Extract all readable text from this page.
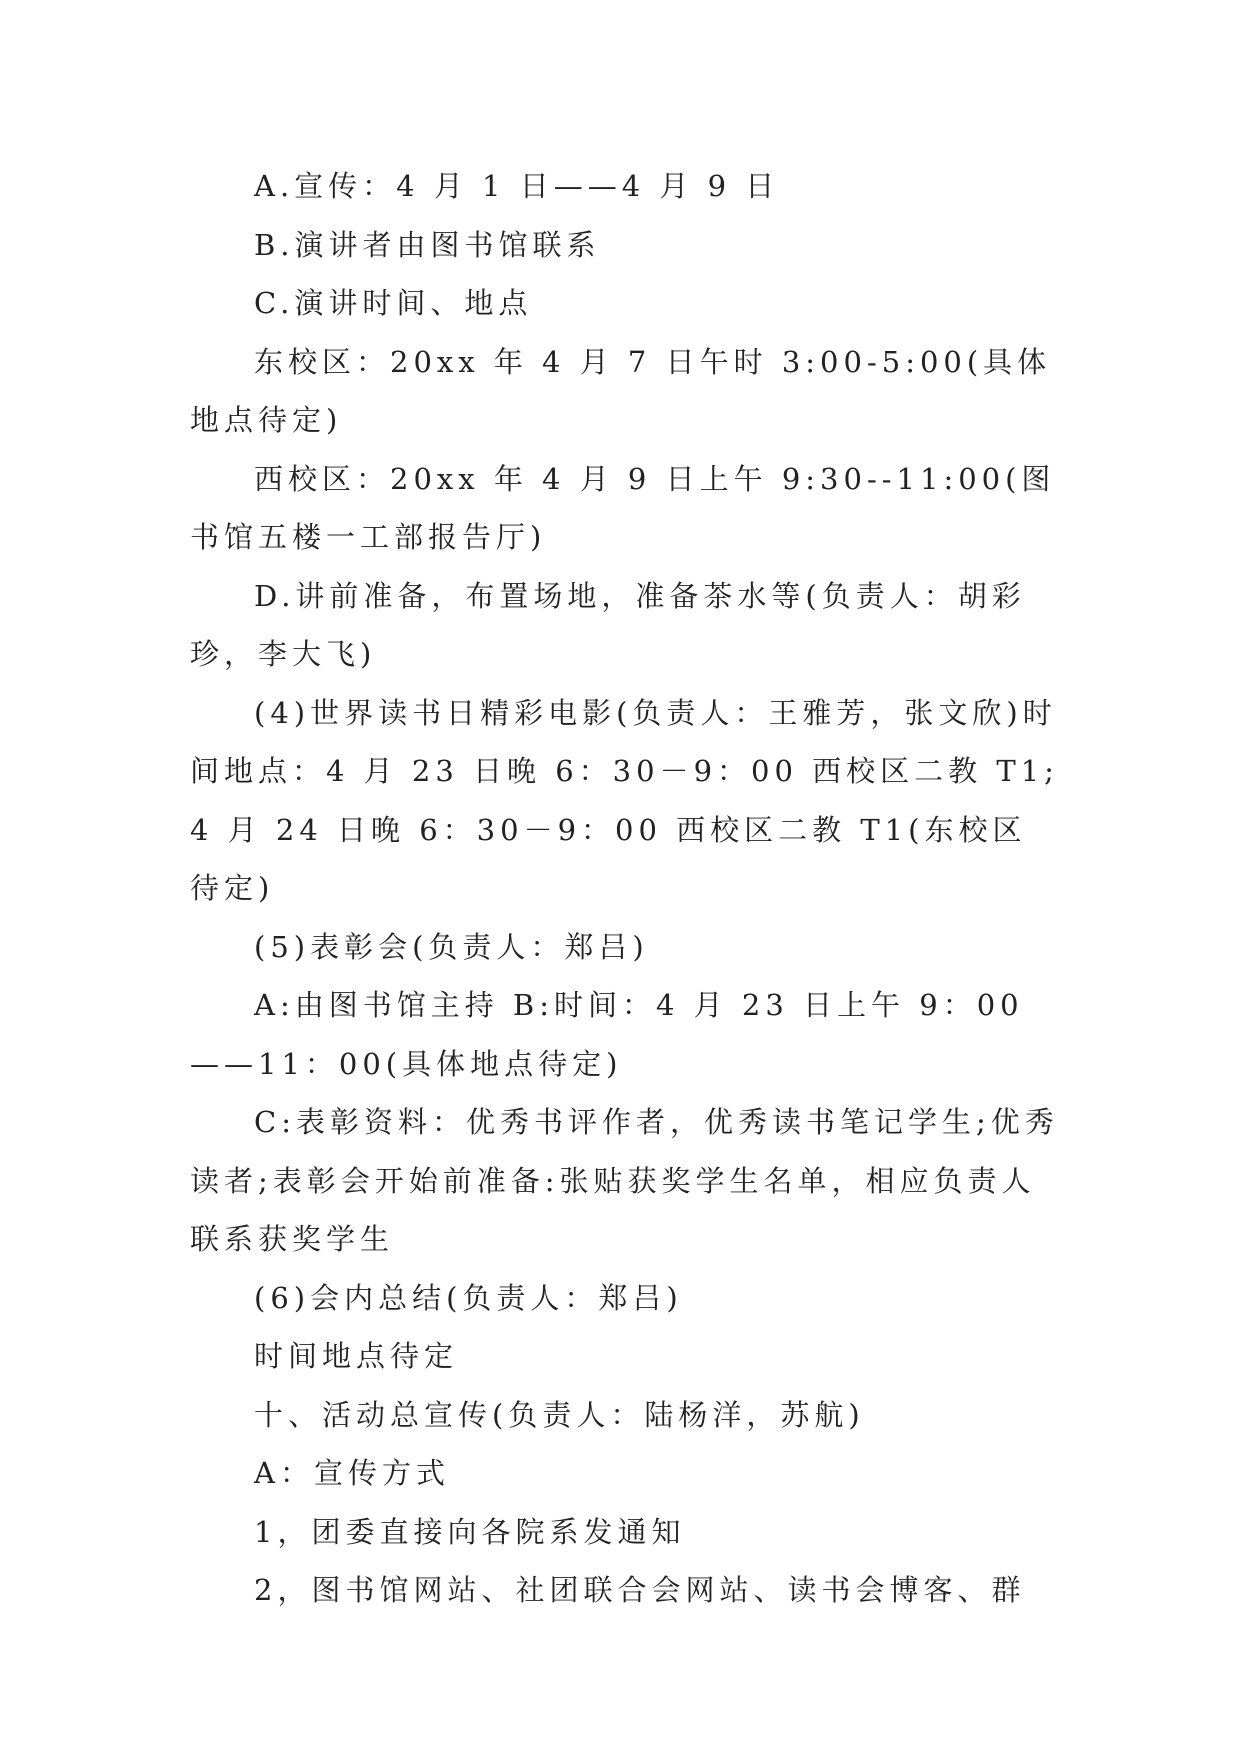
A.宣传：4 月 1 日——4 月 9 日

B.演讲者由图书馆联系

C.演讲时间、地点

东校区：20xx 年 4 月 7 日午时 3:00-5:00(具体地点待定)

西校区：20xx 年 4 月 9 日上午 9:30--11:00(图书馆五楼一工部报告厅)

D.讲前准备，布置场地，准备茶水等(负责人：胡彩珍，李大飞)

(4)世界读书日精彩电影(负责人：王雅芳，张文欣)时间地点：4 月 23 日晚 6：30－9：00 西校区二教 T1;4 月 24 日晚 6：30－9：00 西校区二教 T1(东校区待定)

(5)表彰会(负责人：郑吕)

A:由图书馆主持 B:时间：4 月 23 日上午 9：00——11：00(具体地点待定)

C:表彰资料：优秀书评作者，优秀读书笔记学生;优秀读者;表彰会开始前准备:张贴获奖学生名单，相应负责人联系获奖学生

(6)会内总结(负责人：郑吕)

时间地点待定

十、活动总宣传(负责人：陆杨洋，苏航)

A：宣传方式

1，团委直接向各院系发通知

2，图书馆网站、社团联合会网站、读书会博客、群
